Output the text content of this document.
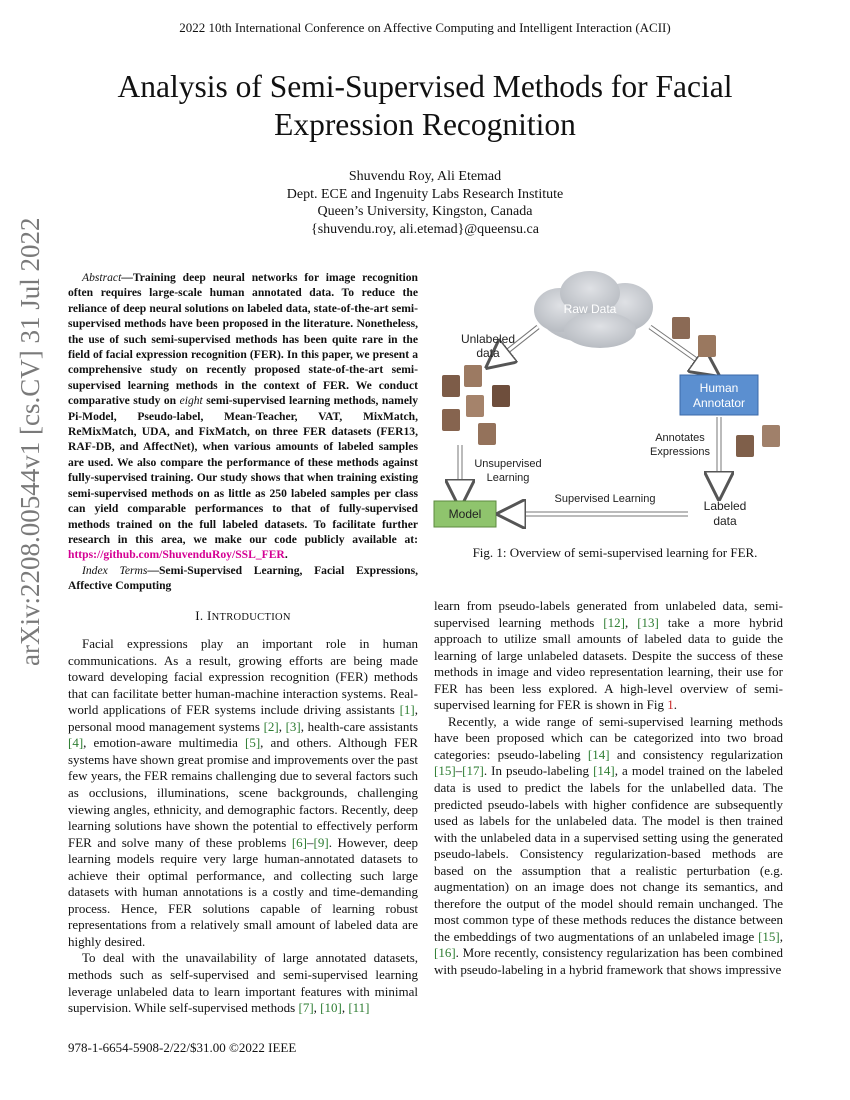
2022 10th International Conference on Affective Computing and Intelligent Interaction (ACII)
Analysis of Semi-Supervised Methods for Facial
Expression Recognition
Shuvendu Roy, Ali Etemad
Dept. ECE and Ingenuity Labs Research Institute
Queen’s University, Kingston, Canada
{shuvendu.roy, ali.etemad}@queensu.ca
arXiv:2208.00544v1 [cs.CV] 31 Jul 2022	Abstract—Training deep neural networks for image recognition often requires large-scale human annotated data. To reduce the reliance of deep neural solutions on labeled data, state-of-the-art semi-supervised methods have been proposed in the literature. Nonetheless, the use of such semi-supervised methods has been quite rare in the field of facial expression recognition (FER). In this paper, we present a comprehensive study on recently proposed state-of-the-art semi-supervised learning methods in the context of FER. We conduct comparative study on eight semi-supervised learning methods, namely Pi-Model, Pseudo-label, Mean-Teacher, VAT, MixMatch, ReMixMatch, UDA, and FixMatch, on three FER datasets (FER13, RAF-DB, and AffectNet), when various amounts of labeled samples are used. We also compare the performance of these methods against fully-supervised training. Our study shows that when training existing semi-supervised methods on as little as 250 labeled samples per class can yield comparable performances to that of fully-supervised methods trained on the full labeled datasets. To facilitate further research in this area, we make our code publicly available at: https://github.com/ShuvenduRoy/SSL_FER.

Index Terms—Semi-Supervised Learning, Facial Expressions, Affective Computing

I. INTRODUCTION

Facial expressions play an important role in human communications. As a result, growing efforts are being made toward developing facial expression recognition (FER) methods that can facilitate better human-machine interaction systems. Real-world applications of FER systems include driving assistants [1], personal mood management systems [2], [3], health-care assistants [4], emotion-aware multimedia [5], and others. Although FER systems have shown great promise and improvements over the past few years, the FER remains challenging due to several factors such as occlusions, illuminations, scene backgrounds, challenging viewing angles, ethnicity, and demographic factors. Recently, deep learning solutions have shown the potential to effectively perform FER and solve many of these problems [6]–[9]. However, deep learning models require very large human-annotated datasets to achieve their optimal performance, and collecting such large datasets with human annotations is a costly and time-demanding process. Hence, FER solutions capable of learning robust representations from a relatively small amount of labeled data are highly desired.

To deal with the unavailability of large annotated datasets, methods such as self-supervised and semi-supervised learning leverage unlabeled data to learn important features with minimal supervision. While self-supervised methods [7], [10], [11]

Raw Data
Unlabeled
data
Unsupervised
Learning
Model
Supervised Learning
Human
Annotator
Annotates
Expressions
Labeled
data
Fig. 1: Overview of semi-supervised learning for FER.

learn from pseudo-labels generated from unlabeled data, semi-supervised learning methods [12], [13] take a more hybrid approach to utilize small amounts of labeled data to guide the learning of large unlabeled datasets. Despite the success of these methods in image and video representation learning, their use for FER has been less explored. A high-level overview of semi-supervised learning for FER is shown in Fig 1.

Recently, a wide range of semi-supervised learning methods have been proposed which can be categorized into two broad categories: pseudo-labeling [14] and consistency regularization [15]–[17]. In pseudo-labeling [14], a model trained on the labeled data is used to predict the labels for the unlabelled data. The predicted pseudo-labels with higher confidence are subsequently used as labels for the unlabeled data. The model is then trained with the unlabeled data in a supervised setting using the generated pseudo-labels. Consistency regularization-based methods are based on the assumption that a realistic perturbation (e.g. augmentation) on an image does not change its semantics, and therefore the output of the model should remain unchanged. The most common type of these methods reduces the distance between the embeddings of two augmentations of an unlabeled image [15], [16]. More recently, consistency regularization has been combined with pseudo-labeling in a hybrid framework that shows impressive

978-1-6654-5908-2/22/$31.00 ©2022 IEEE
